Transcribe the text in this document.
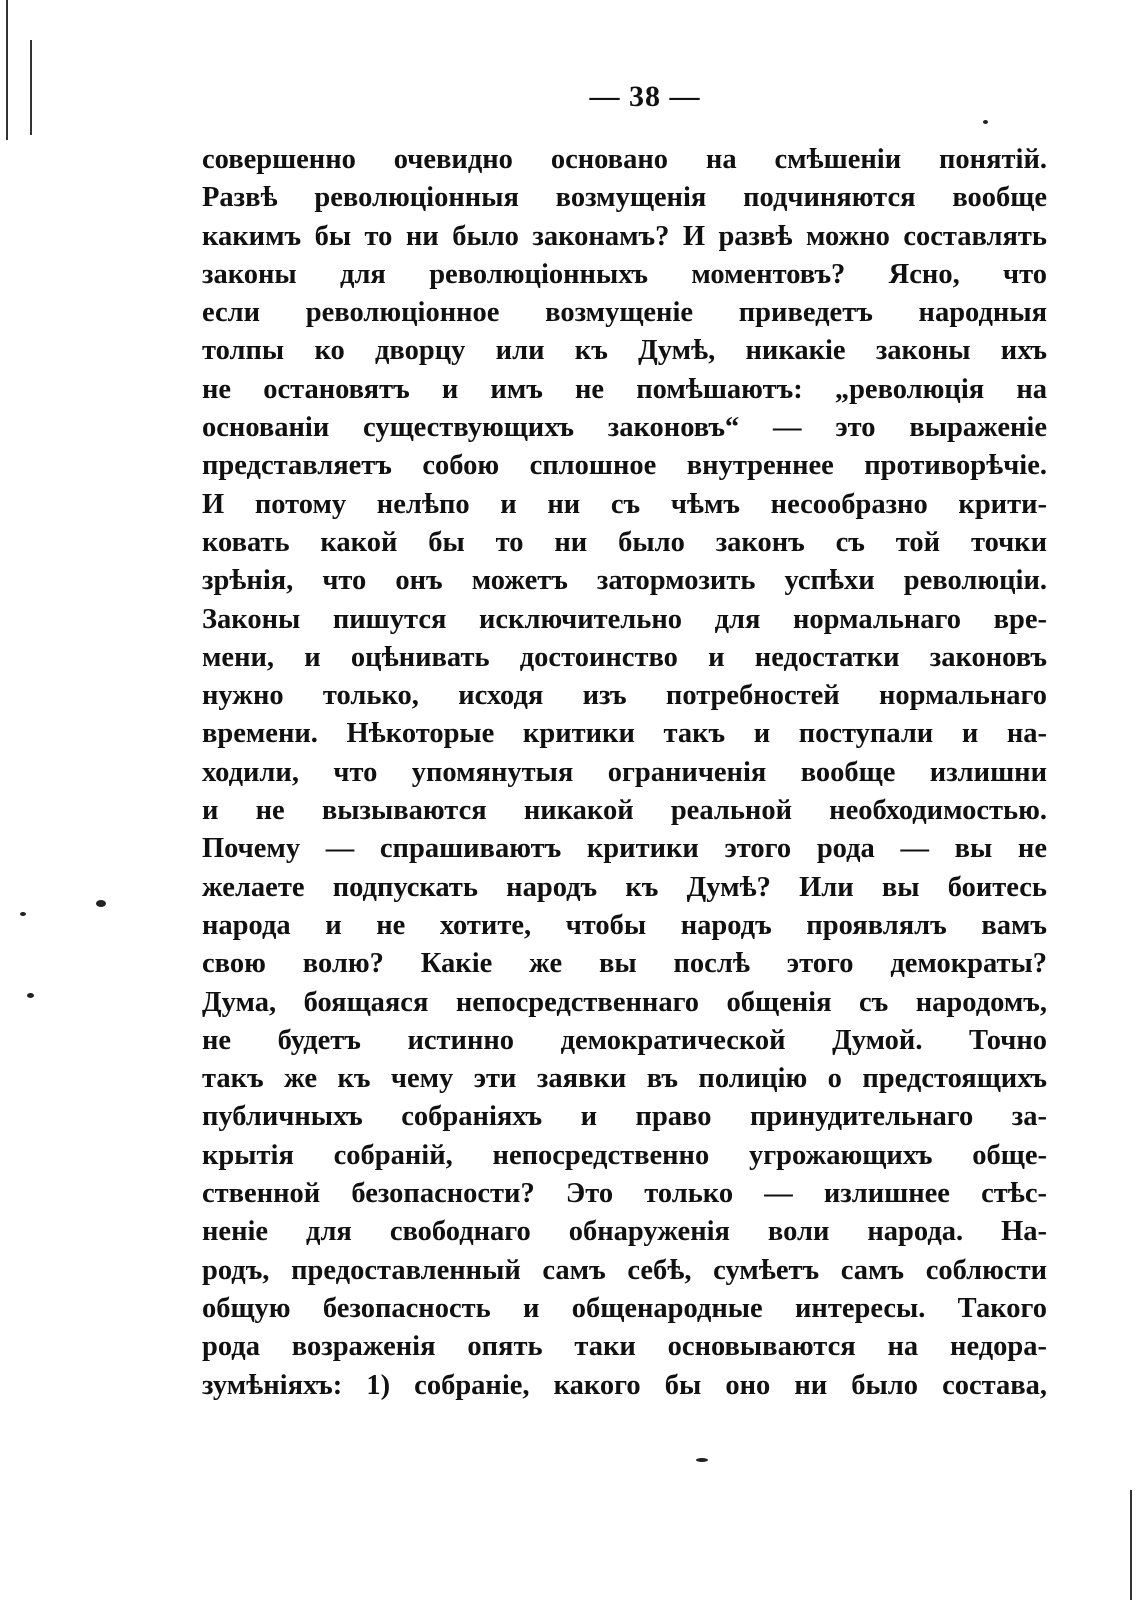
— 38 —
совершенно очевидно основано на смѣшеніи понятій.
Развѣ революціонныя возмущенія подчиняются вообще
какимъ бы то ни было законамъ? И развѣ можно составлять
законы для революціонныхъ моментовъ? Ясно, что
если революціонное возмущеніе приведетъ народныя
толпы ко дворцу или къ Думѣ, никакіе законы ихъ
не остановятъ и имъ не помѣшаютъ: „революція на
основаніи существующихъ законовъ“ — это выраженіе
представляетъ собою сплошное внутреннее противорѣчіе.
И потому нелѣпо и ни съ чѣмъ несообразно крити-
ковать какой бы то ни было законъ съ той точки
зрѣнія, что онъ можетъ затормозить успѣхи революціи.
Законы пишутся исключительно для нормальнаго вре-
мени, и оцѣнивать достоинство и недостатки законовъ
нужно только, исходя изъ потребностей нормальнаго
времени. Нѣкоторые критики такъ и поступали и на-
ходили, что упомянутыя ограниченія вообще излишни
и не вызываются никакой реальной необходимостью.
Почему — спрашиваютъ критики этого рода — вы не
желаете подпускать народъ къ Думѣ? Или вы боитесь
народа и не хотите, чтобы народъ проявлялъ вамъ
свою волю? Какіе же вы послѣ этого демократы?
Дума, боящаяся непосредственнаго общенія съ народомъ,
не будетъ истинно демократической Думой. Точно
такъ же къ чему эти заявки въ полицію о предстоящихъ
публичныхъ собраніяхъ и право принудительнаго за-
крытія собраній, непосредственно угрожающихъ обще-
ственной безопасности? Это только — излишнее стѣс-
неніе для свободнаго обнаруженія воли народа. На-
родъ, предоставленный самъ себѣ, сумѣетъ самъ соблюсти
общую безопасность и общенародные интересы. Такого
рода возраженія опять таки основываются на недора-
зумѣніяхъ: 1) собраніе, какого бы оно ни было состава,
